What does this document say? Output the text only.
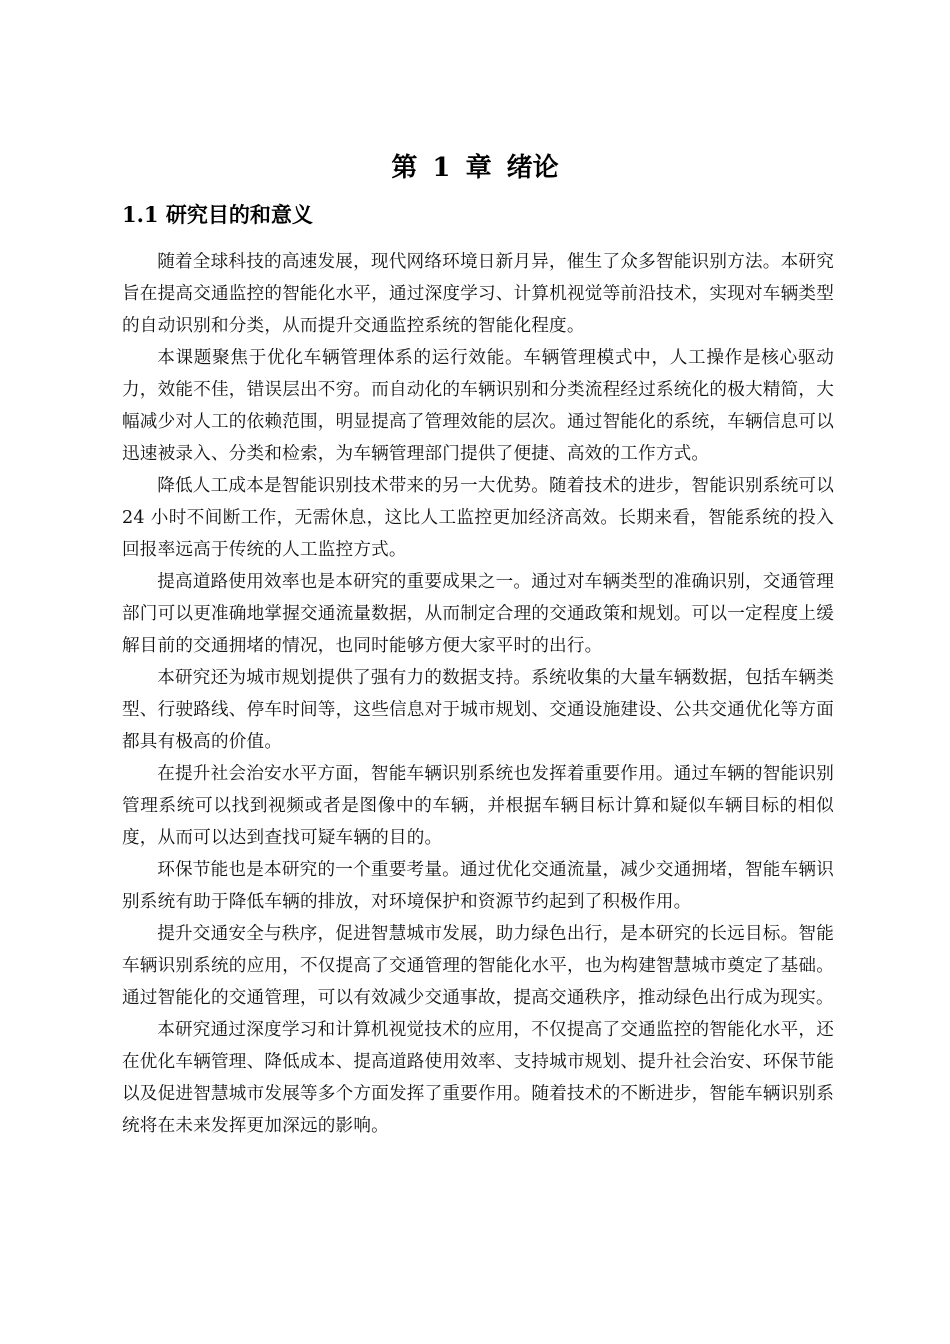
第 1 章 绪论
1.1 研究目的和意义

随着全球科技的高速发展，现代网络环境日新月异，催生了众多智能识别方法。本研究旨在提高交通监控的智能化水平，通过深度学习、计算机视觉等前沿技术，实现对车辆类型的自动识别和分类，从而提升交通监控系统的智能化程度。

本课题聚焦于优化车辆管理体系的运行效能。车辆管理模式中，人工操作是核心驱动力，效能不佳，错误层出不穷。而自动化的车辆识别和分类流程经过系统化的极大精简，大幅减少对人工的依赖范围，明显提高了管理效能的层次。通过智能化的系统，车辆信息可以迅速被录入、分类和检索，为车辆管理部门提供了便捷、高效的工作方式。

降低人工成本是智能识别技术带来的另一大优势。随着技术的进步，智能识别系统可以 24 小时不间断工作，无需休息，这比人工监控更加经济高效。长期来看，智能系统的投入回报率远高于传统的人工监控方式。

提高道路使用效率也是本研究的重要成果之一。通过对车辆类型的准确识别，交通管理部门可以更准确地掌握交通流量数据，从而制定合理的交通政策和规划。可以一定程度上缓解目前的交通拥堵的情况，也同时能够方便大家平时的出行。

本研究还为城市规划提供了强有力的数据支持。系统收集的大量车辆数据，包括车辆类型、行驶路线、停车时间等，这些信息对于城市规划、交通设施建设、公共交通优化等方面都具有极高的价值。

在提升社会治安水平方面，智能车辆识别系统也发挥着重要作用。通过车辆的智能识别管理系统可以找到视频或者是图像中的车辆，并根据车辆目标计算和疑似车辆目标的相似度，从而可以达到查找可疑车辆的目的。

环保节能也是本研究的一个重要考量。通过优化交通流量，减少交通拥堵，智能车辆识别系统有助于降低车辆的排放，对环境保护和资源节约起到了积极作用。

提升交通安全与秩序，促进智慧城市发展，助力绿色出行，是本研究的长远目标。智能车辆识别系统的应用，不仅提高了交通管理的智能化水平，也为构建智慧城市奠定了基础。通过智能化的交通管理，可以有效减少交通事故，提高交通秩序，推动绿色出行成为现实。

本研究通过深度学习和计算机视觉技术的应用，不仅提高了交通监控的智能化水平，还在优化车辆管理、降低成本、提高道路使用效率、支持城市规划、提升社会治安、环保节能以及促进智慧城市发展等多个方面发挥了重要作用。随着技术的不断进步，智能车辆识别系统将在未来发挥更加深远的影响。
